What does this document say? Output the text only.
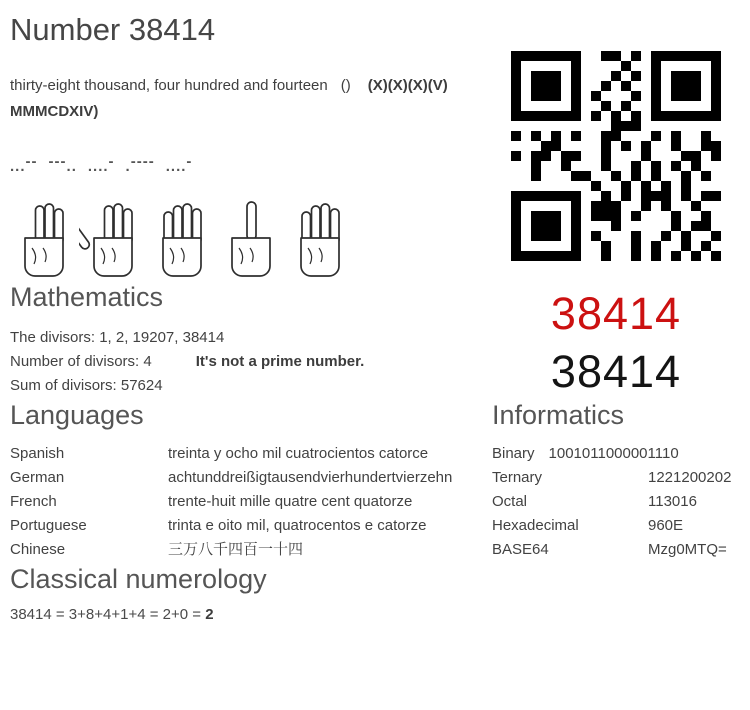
Number 38414
thirty-eight thousand, four hundred and fourteen () (X)(X)(X)(V)MMMCDXIV)
...-- ---.. ....- .---- ....-
Mathematics
The divisors: 1, 2, 19207, 38414
Number of divisors: 4	It's not a prime number.
Sum of divisors: 57624
Languages
Spanish	treinta y ocho mil cuatrocientos catorce
German	achtunddreißigtausendvierhundertvierzehn
French	trente-huit mille quatre cent quatorze
Portuguese	trinta e oito mil, quatrocentos e catorze
Chinese	三万八千四百一十四
Classical numerology
38414 = 3+8+4+1+4 = 2+0 = 2
38414
38414
Informatics
Binary 1001011000001110
Ternary	1221200202
Octal	113016
Hexadecimal	960E
BASE64	Mzg0MTQ=
